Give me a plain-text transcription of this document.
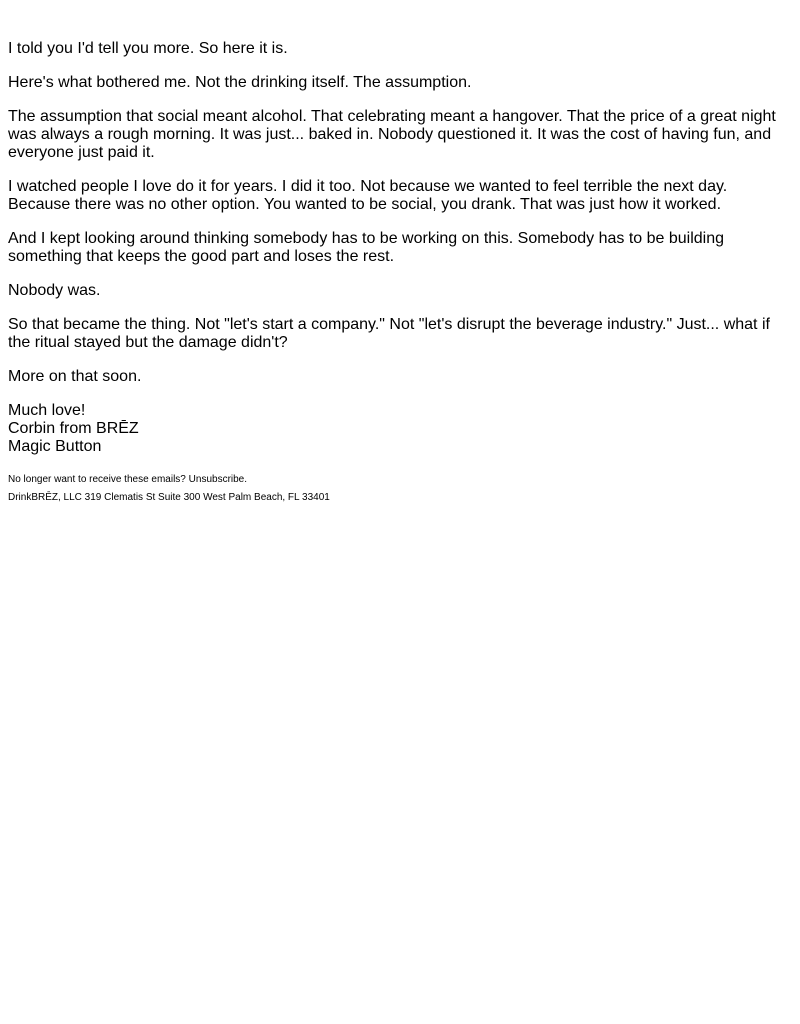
I told you I'd tell you more. So here it is.

Here's what bothered me. Not the drinking itself. The assumption.

The assumption that social meant alcohol. That celebrating meant a hangover. That the price of a great night was always a rough morning. It was just... baked in. Nobody questioned it. It was the cost of having fun, and everyone just paid it.

I watched people I love do it for years. I did it too. Not because we wanted to feel terrible the next day. Because there was no other option. You wanted to be social, you drank. That was just how it worked.

And I kept looking around thinking somebody has to be working on this. Somebody has to be building something that keeps the good part and loses the rest.

Nobody was.

So that became the thing. Not "let's start a company." Not "let's disrupt the beverage industry." Just... what if the ritual stayed but the damage didn't?

More on that soon.

Much love!
Corbin from BRĒZ
Magic Button

No longer want to receive these emails? Unsubscribe.

DrinkBRĒZ, LLC 319 Clematis St Suite 300 West Palm Beach, FL 33401
